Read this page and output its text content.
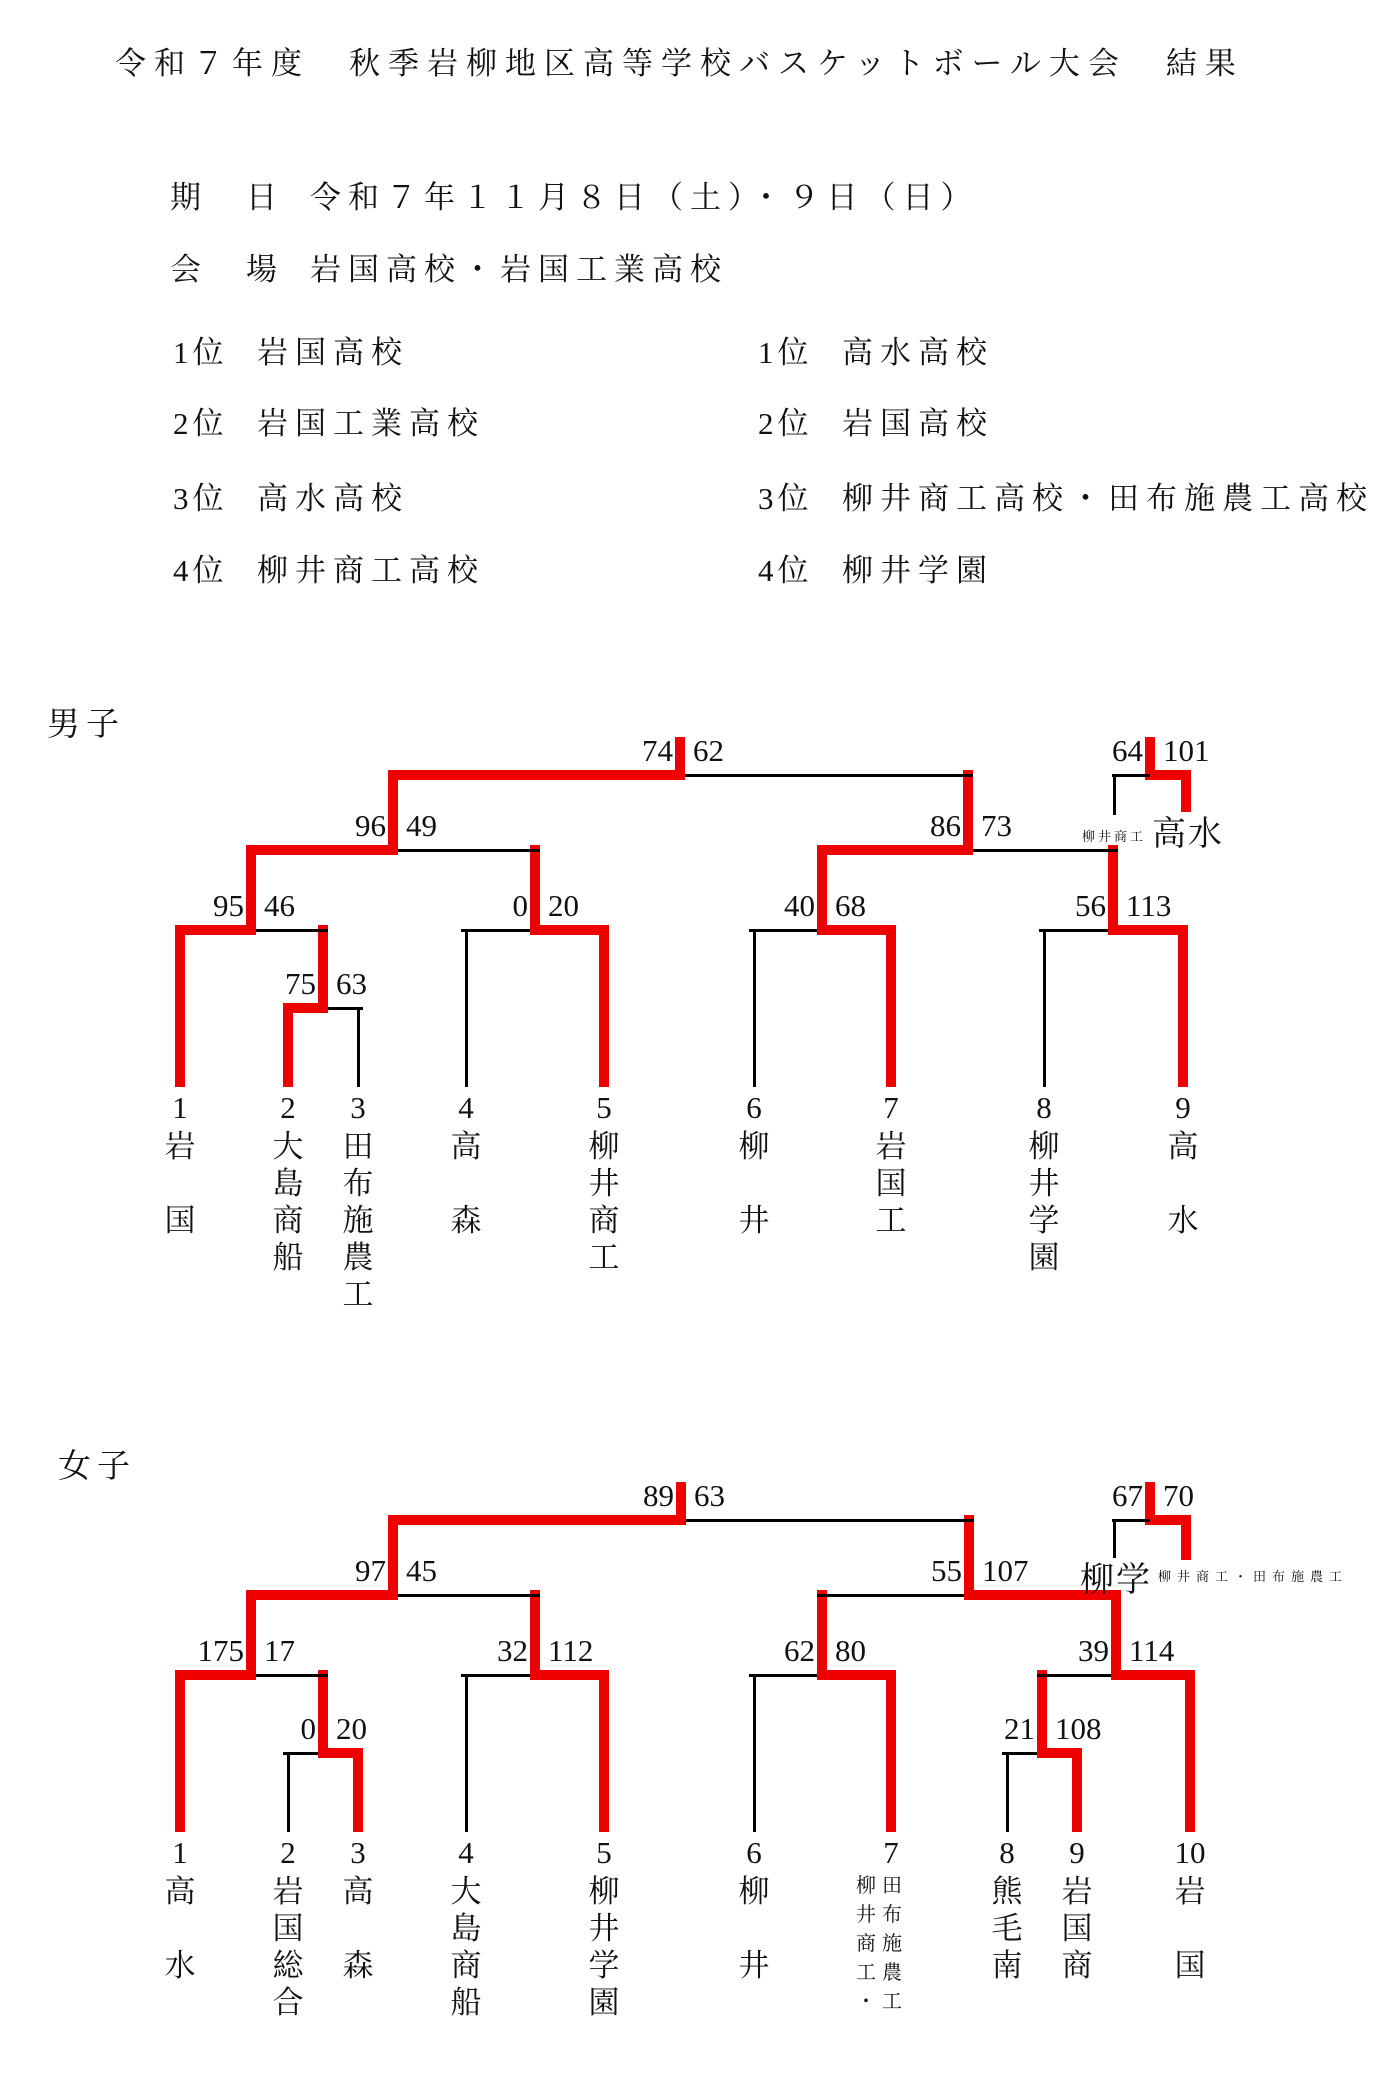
令和７年度　秋季岩柳地区高等学校バスケットボール大会　結果
期　日 令和７年１１月８日（土）・９日（日）
会　場 岩国高校・岩国工業高校
男子
女子
1位 岩国高校
2位 岩国工業高校
3位 高水高校
4位 柳井商工高校
1位 高水高校
2位 岩国高校
3位 柳井商工高校・田布施農工高校
4位 柳井学園
75 63
95 46	0 20	40 68	56 113
96 49	86 73
74 62
1
岩
国
2
大
島
商
船
3
田
布
施
農
工
4
高
森
5
柳
井
商
工
6
柳
井
7
岩
国
工
8
柳
井
学
園
9
高
水
64 101
柳井商工 高水
0 20	21 108
175 17	32 112	62 80	39 114
97 45	55 107
89 63
1
高
水
2
岩
国
総
合
3
高
森
4
大
島
商
船
5
柳
井
学
園
6
柳
井
7
柳
井
商
工
・
田
布
施
農
工
8
熊
毛
南
9
岩
国
商
10
岩
国
67 70
柳学 柳井商工・田布施農工
